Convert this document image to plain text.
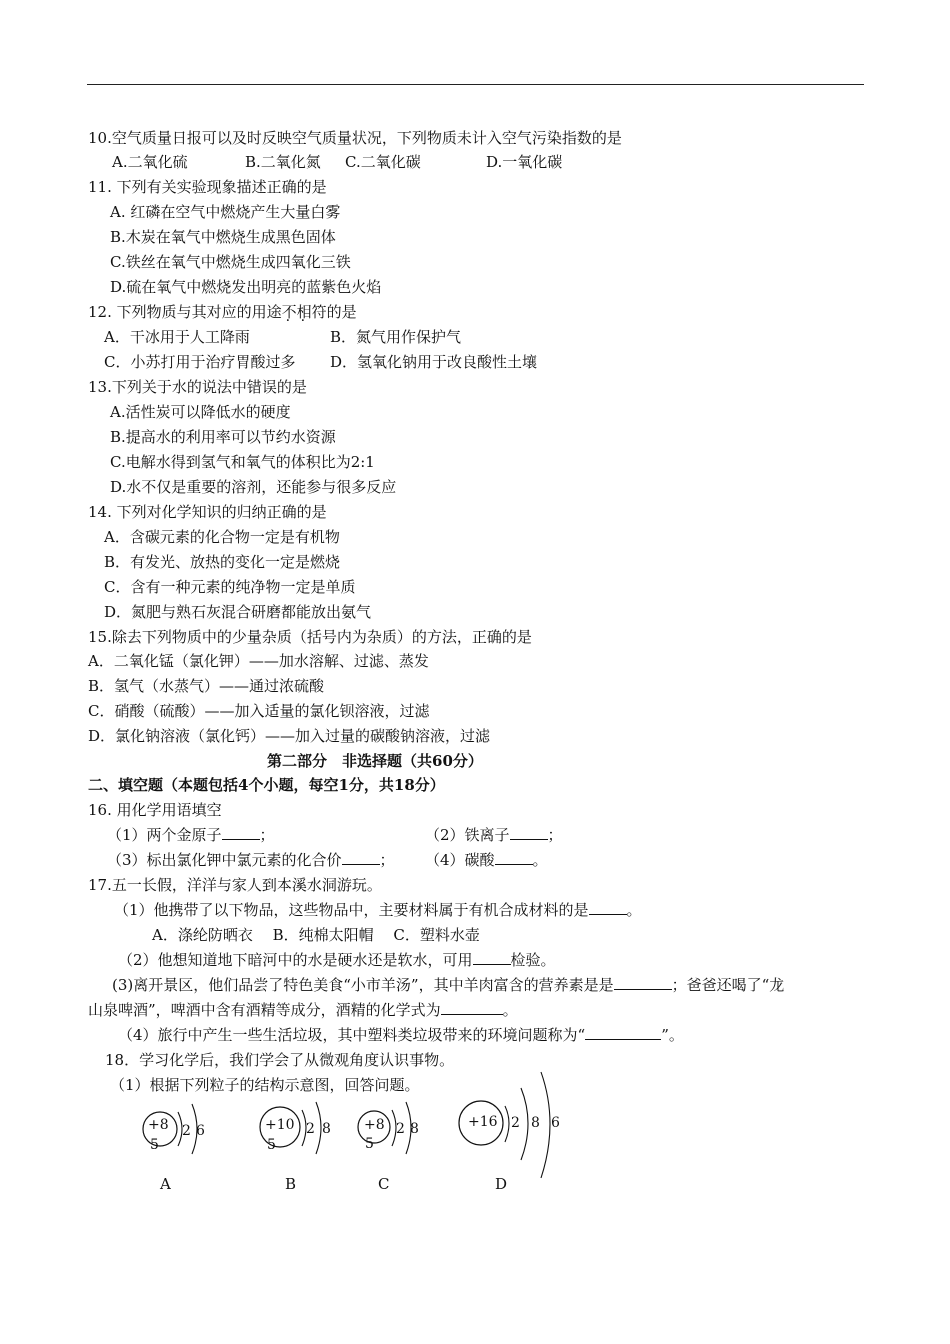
10.空气质量日报可以及时反映空气质量状况，下列物质未计入空气污染指数的是
A.二氧化硫	B.二氧化氮 C.二氧化碳	D.一氧化碳
11. 下列有关实验现象描述正确的是
A. 红磷在空气中燃烧产生大量白雾
B.木炭在氧气中燃烧生成黑色固体
C.铁丝在氧气中燃烧生成四氧化三铁
D.硫在氧气中燃烧发出明亮的蓝紫色火焰
12. 下列物质与其对应的用途不相符的是
A．干冰用于人工降雨	B．氮气用作保护气
C．小苏打用于治疗胃酸过多 D．氢氧化钠用于改良酸性土壤
13.下列关于水的说法中错误的是
A.活性炭可以降低水的硬度
B.提高水的利用率可以节约水资源
C.电解水得到氢气和氧气的体积比为2:1
D.水不仅是重要的溶剂，还能参与很多反应
14. 下列对化学知识的归纳正确的是
A．含碳元素的化合物一定是有机物
B．有发光、放热的变化一定是燃烧
C．含有一种元素的纯净物一定是单质
D．氮肥与熟石灰混合研磨都能放出氨气
15.除去下列物质中的少量杂质（括号内为杂质）的方法，正确的是
A．二氧化锰（氯化钾）——加水溶解、过滤、蒸发
B．氢气（水蒸气）——通过浓硫酸
C．硝酸（硫酸）——加入适量的氯化钡溶液，过滤
D．氯化钠溶液（氯化钙）——加入过量的碳酸钠溶液，过滤
第二部分　非选择题（共60分）
二、填空题（本题包括4个小题，每空1分，共18分）
16. 用化学用语填空
（1）两个金原子	；	（2）铁离子	；
（3）标出氯化钾中氯元素的化合价	； （4）碳酸	。
17.五一长假，洋洋与家人到本溪水洞游玩。
（1）他携带了以下物品，这些物品中，主要材料属于有机合成材料的是	。
A．涤纶防晒衣　 B．纯棉太阳帽　 C．塑料水壶
（2）他想知道地下暗河中的水是硬水还是软水，可用	检验。
(3)离开景区，他们品尝了特色美食“小市羊汤”，其中羊肉富含的营养素是是	；爸爸还喝了“龙
山泉啤酒”，啤酒中含有酒精等成分，酒精的化学式为	。
（4）旅行中产生一些生活垃圾，其中塑料类垃圾带来的环境问题称为“	”。
18．学习化学后，我们学会了从微观角度认识事物。
（1）根据下列粒子的结构示意图，回答问题。
+8
5
2 6
A
+10
5
2 8
B
+8
5
2 8
C
+16 2 8 6
D
